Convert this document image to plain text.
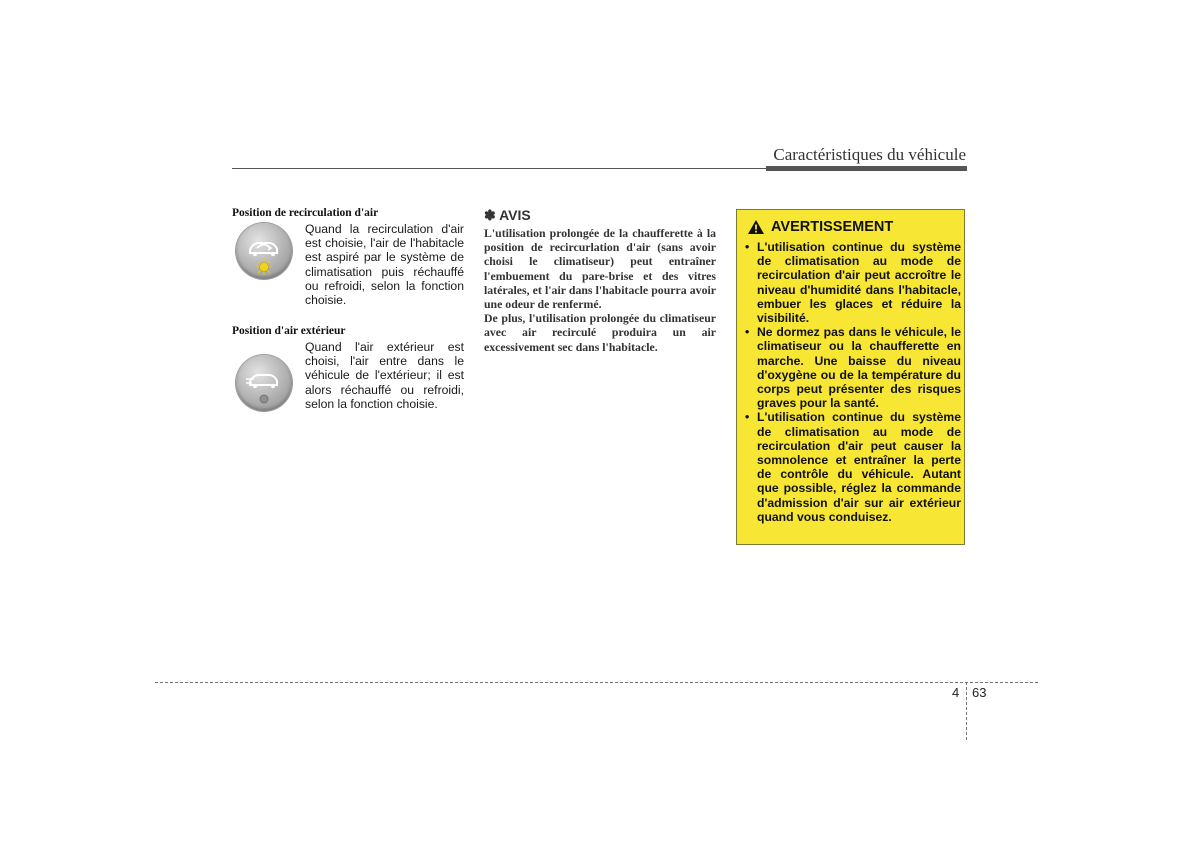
Caractéristiques du véhicule
Position de recirculation d'air
Quand la recirculation d'air est choisie, l'air de l'habitacle est aspiré par le système de climatisation puis réchauffé ou refroidi, selon la fonction choisie.
Position d'air extérieur
Quand l'air extérieur est choisi, l'air entre dans le véhicule de l'extérieur; il est alors réchauffé ou refroidi, selon la fonction choisie.
✽ AVIS

L'utilisation prolongée de la chaufferette à la position de recircurlation d'air (sans avoir choisi le climatiseur) peut entraîner l'embuement du pare-brise et des vitres latérales, et l'air dans l'habitacle pourra avoir une odeur de renfermé.

De plus, l'utilisation prolongée du climatiseur avec air recirculé produira un air excessivement sec dans l'habitacle.

AVERTISSEMENT
• L'utilisation continue du système de climatisation au mode de recirculation d'air peut accroître le niveau d'humidité dans l'habitacle, embuer les glaces et réduire la visibilité.
• Ne dormez pas dans le véhicule, le climatiseur ou la chaufferette en marche. Une baisse du niveau d'oxygène ou de la température du corps peut présenter des risques graves pour la santé.
• L'utilisation continue du système de climatisation au mode de recirculation d'air peut causer la somnolence et entraîner la perte de contrôle du véhicule. Autant que possible, réglez la commande d'admission d'air sur air extérieur quand vous conduisez.
4 63
